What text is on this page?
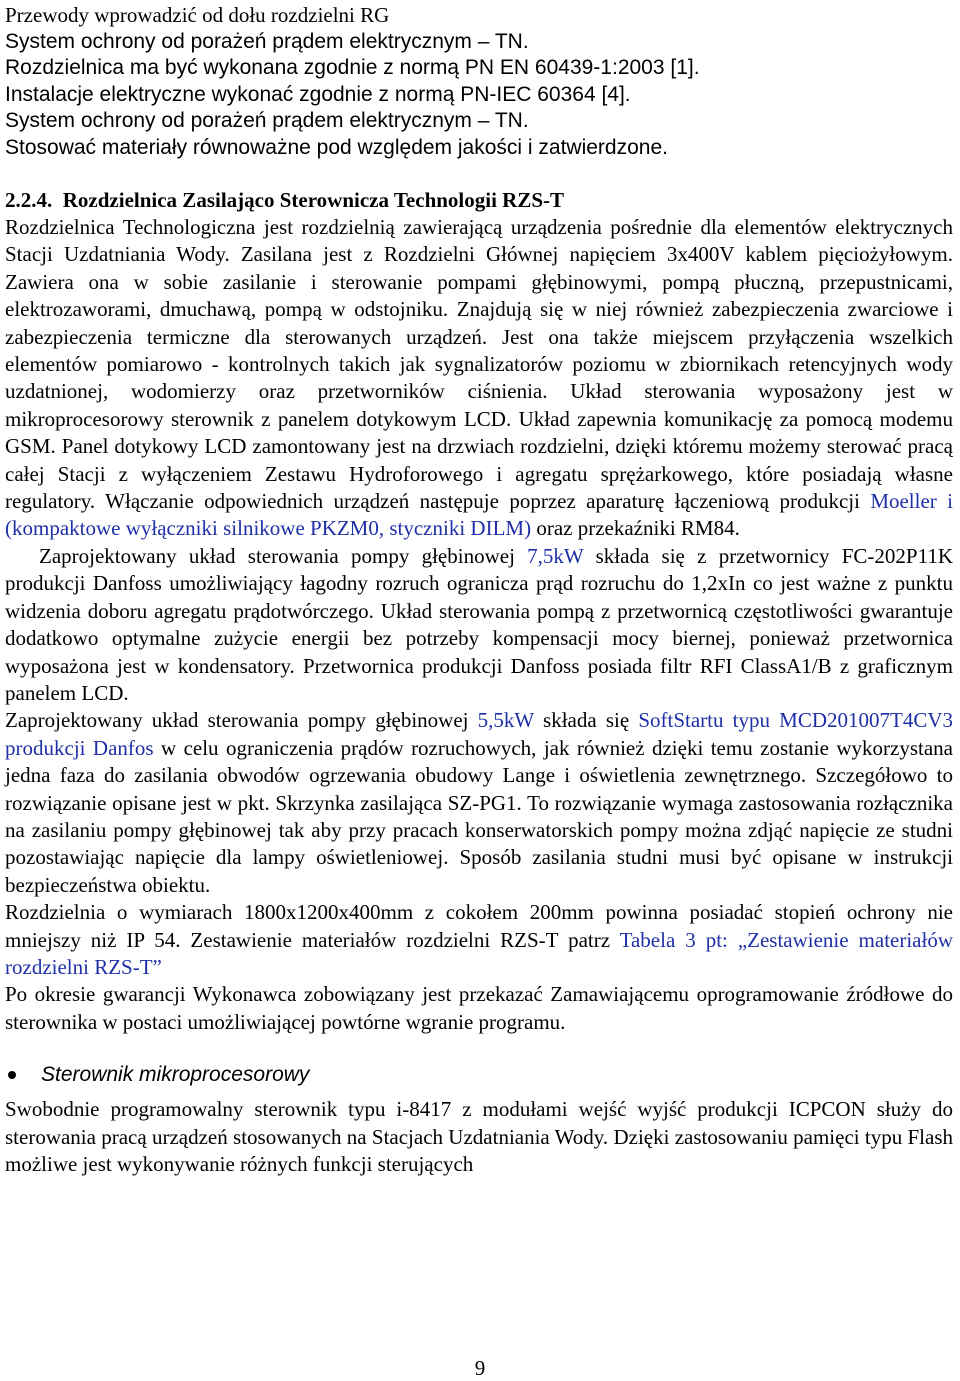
Przewody wprowadzić od dołu rozdzielni RG
System ochrony od porażeń prądem elektrycznym – TN.
Rozdzielnica ma być wykonana zgodnie z normą PN EN 60439-1:2003 [1].
Instalacje elektryczne wykonać zgodnie z normą PN-IEC 60364 [4].
System ochrony od porażeń prądem elektrycznym – TN.
Stosować materiały równoważne pod względem jakości i zatwierdzone.
2.2.4. Rozdzielnica Zasilająco Sterownicza Technologii RZS-T

Rozdzielnica Technologiczna jest rozdzielnią zawierającą urządzenia pośrednie dla elementów elektrycznych Stacji Uzdatniania Wody. Zasilana jest z Rozdzielni Głównej napięciem 3x400V kablem pięciożyłowym. Zawiera ona w sobie zasilanie i sterowanie pompami głębinowymi, pompą płuczną, przepustnicami, elektrozaworami, dmuchawą, pompą w odstojniku. Znajdują się w niej również zabezpieczenia zwarciowe i zabezpieczenia termiczne dla sterowanych urządzeń. Jest ona także miejscem przyłączenia wszelkich elementów pomiarowo - kontrolnych takich jak sygnalizatorów poziomu w zbiornikach retencyjnych wody uzdatnionej, wodomierzy oraz przetworników ciśnienia. Układ sterowania wyposażony jest w mikroprocesorowy sterownik z panelem dotykowym LCD. Układ zapewnia komunikację za pomocą modemu GSM. Panel dotykowy LCD zamontowany jest na drzwiach rozdzielni, dzięki któremu możemy sterować pracą całej Stacji z wyłączeniem Zestawu Hydroforowego i agregatu sprężarkowego, które posiadają własne regulatory. Włączanie odpowiednich urządzeń następuje poprzez aparaturę łączeniową produkcji Moeller i (kompaktowe wyłączniki silnikowe PKZM0, styczniki DILM) oraz przekaźniki RM84.

Zaprojektowany układ sterowania pompy głębinowej 7,5kW składa się z przetwornicy FC-202P11K produkcji Danfoss umożliwiający łagodny rozruch ogranicza prąd rozruchu do 1,2xIn co jest ważne z punktu widzenia doboru agregatu prądotwórczego. Układ sterowania pompą z przetwornicą częstotliwości gwarantuje dodatkowo optymalne zużycie energii bez potrzeby kompensacji mocy biernej, ponieważ przetwornica wyposażona jest w kondensatory. Przetwornica produkcji Danfoss posiada filtr RFI ClassA1/B z graficznym panelem LCD.

Zaprojektowany układ sterowania pompy głębinowej 5,5kW składa się SoftStartu typu MCD201007T4CV3 produkcji Danfos w celu ograniczenia prądów rozruchowych, jak również dzięki temu zostanie wykorzystana jedna faza do zasilania obwodów ogrzewania obudowy Lange i oświetlenia zewnętrznego. Szczegółowo to rozwiązanie opisane jest w pkt. Skrzynka zasilająca SZ-PG1. To rozwiązanie wymaga zastosowania rozłącznika na zasilaniu pompy głębinowej tak aby przy pracach konserwatorskich pompy można zdjąć napięcie ze studni pozostawiając napięcie dla lampy oświetleniowej. Sposób zasilania studni musi być opisane w instrukcji bezpieczeństwa obiektu.

Rozdzielnia o wymiarach 1800x1200x400mm z cokołem 200mm powinna posiadać stopień ochrony nie mniejszy niż IP 54. Zestawienie materiałów rozdzielni RZS-T patrz Tabela 3 pt: „Zestawienie materiałów rozdzielni RZS-T”

Po okresie gwarancji Wykonawca zobowiązany jest przekazać Zamawiającemu oprogramowanie źródłowe do sterownika w postaci umożliwiającej powtórne wgranie programu.

Sterownik mikroprocesorowy

Swobodnie programowalny sterownik typu i-8417 z modułami wejść wyjść produkcji ICPCON służy do sterowania pracą urządzeń stosowanych na Stacjach Uzdatniania Wody. Dzięki zastosowaniu pamięci typu Flash możliwe jest wykonywanie różnych funkcji sterujących

9
